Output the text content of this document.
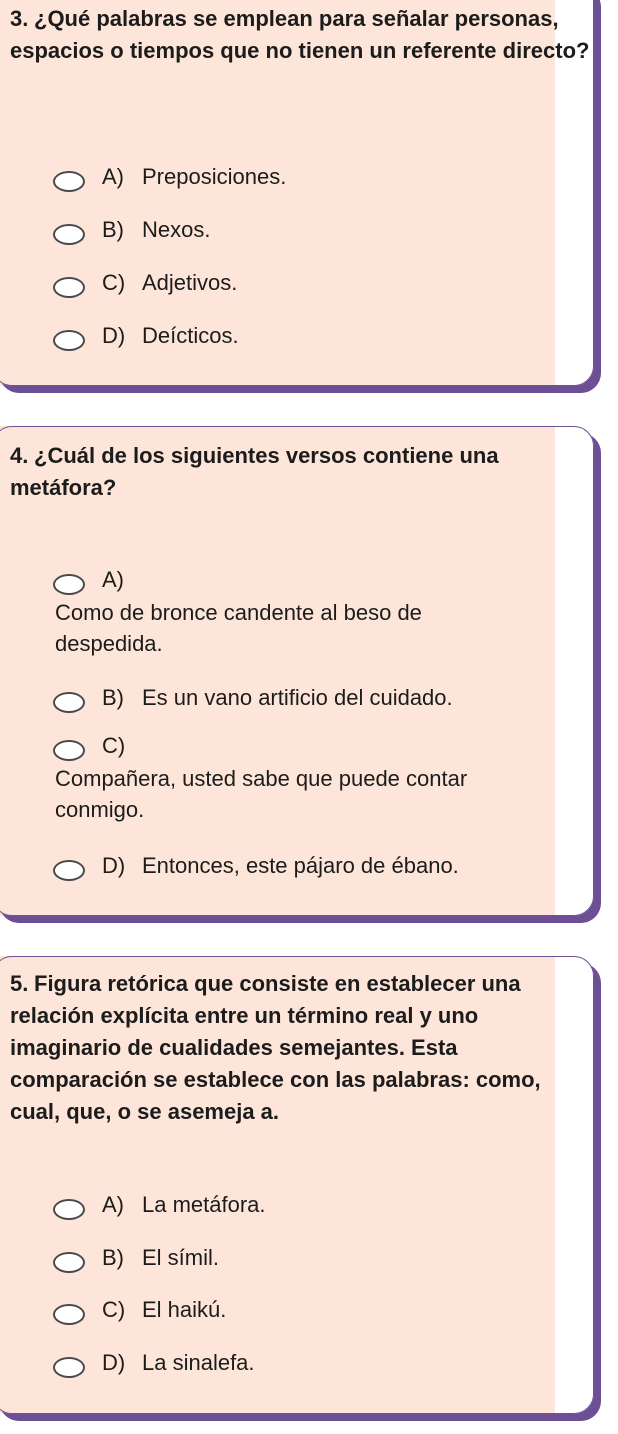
3. ¿Qué palabras se emplean para señalar personas, espacios o tiempos que no tienen un referente directo?

A) Preposiciones.
B) Nexos.
C) Adjetivos.
D) Deícticos.

4. ¿Cuál de los siguientes versos contiene una metáfora?

A)
Como de bronce candente al beso de despedida.
B) Es un vano artificio del cuidado.
C)
Compañera, usted sabe que puede contar conmigo.
D) Entonces, este pájaro de ébano.

5. Figura retórica que consiste en establecer una relación explícita entre un término real y uno imaginario de cualidades semejantes. Esta comparación se establece con las palabras: como, cual, que, o se asemeja a.

A) La metáfora.
B) El símil.
C) El haikú.
D) La sinalefa.
